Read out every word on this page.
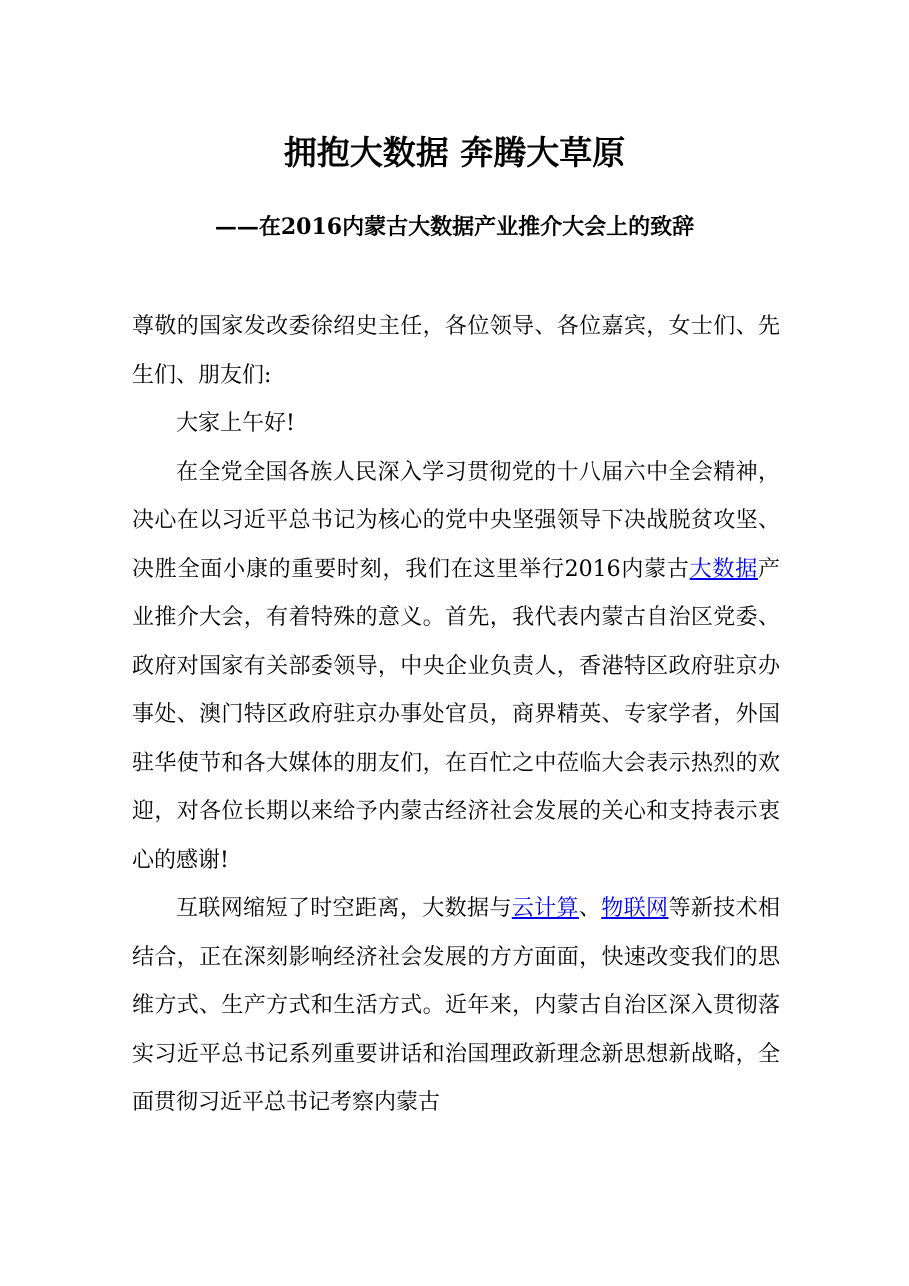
拥抱大数据 奔腾大草原
——在2016内蒙古大数据产业推介大会上的致辞

尊敬的国家发改委徐绍史主任，各位领导、各位嘉宾，女士们、先生们、朋友们:

大家上午好!

在全党全国各族人民深入学习贯彻党的十八届六中全会精神，决心在以习近平总书记为核心的党中央坚强领导下决战脱贫攻坚、决胜全面小康的重要时刻，我们在这里举行2016内蒙古大数据产业推介大会，有着特殊的意义。首先，我代表内蒙古自治区党委、政府对国家有关部委领导，中央企业负责人，香港特区政府驻京办事处、澳门特区政府驻京办事处官员，商界精英、专家学者，外国驻华使节和各大媒体的朋友们，在百忙之中莅临大会表示热烈的欢迎，对各位长期以来给予内蒙古经济社会发展的关心和支持表示衷心的感谢!

互联网缩短了时空距离，大数据与云计算、物联网等新技术相结合，正在深刻影响经济社会发展的方方面面，快速改变我们的思维方式、生产方式和生活方式。近年来，内蒙古自治区深入贯彻落实习近平总书记系列重要讲话和治国理政新理念新思想新战略，全面贯彻习近平总书记考察内蒙古
